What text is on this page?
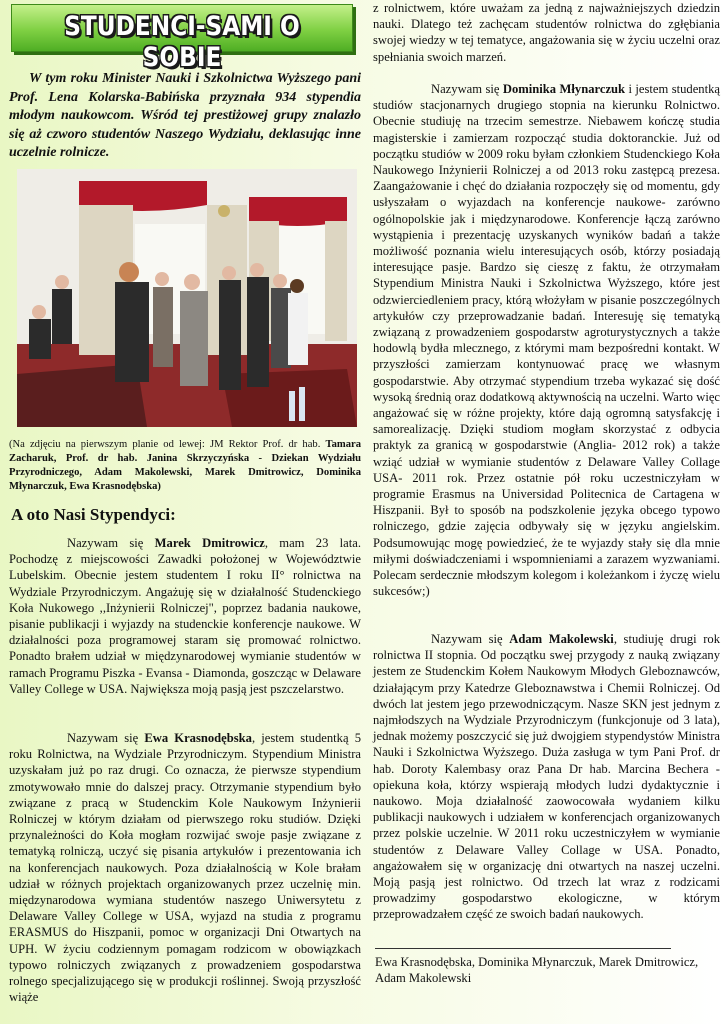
STUDENCI-SAMI O SOBIE
W tym roku Minister Nauki i Szkolnictwa Wyższego pani Prof. Lena Kolarska-Babińska przyznała 934 stypendia młodym naukowcom. Wśród tej prestiżowej grupy znalazło się aż czworo studentów Naszego Wydziału, deklasując inne uczelnie rolnicze.
(Na zdjęciu na pierwszym planie od lewej: JM Rektor Prof. dr hab. Tamara Zacharuk, Prof. dr hab. Janina Skrzyczyńska - Dziekan Wydziału Przyrodniczego, Adam Makolewski, Marek Dmitrowicz, Dominika Młynarczuk, Ewa Krasnodębska)
A oto Nasi Stypendyci:

Nazywam się Marek Dmitrowicz, mam 23 lata. Pochodzę z miejscowości Zawadki położonej w Województwie Lubelskim. Obecnie jestem studentem I roku II° rolnictwa na Wydziale Przyrodniczym. Angażuję się w działalność Studenckiego Koła Nukowego ,,Inżynierii Rolniczej", poprzez badania naukowe, pisanie publikacji i wyjazdy na studenckie konferencje naukowe. W działalności poza programowej staram się promować rolnictwo. Ponadto brałem udział w międzynarodowej wymianie studentów w ramach Programu Piszka - Evansa - Diamonda, goszcząc w Delaware Valley College w USA. Największa moją pasją jest pszczelarstwo.

Nazywam się Ewa Krasnodębska, jestem studentką 5 roku Rolnictwa, na Wydziale Przyrodniczym. Stypendium Ministra uzyskałam już po raz drugi. Co oznacza, że pierwsze stypendium zmotywowało mnie do dalszej pracy. Otrzymanie stypendium było związane z pracą w Studenckim Kole Naukowym Inżynierii Rolniczej w którym działam od pierwszego roku studiów. Dzięki przynależności do Koła mogłam rozwijać swoje pasje związane z tematyką rolniczą, uczyć się pisania artykułów i prezentowania ich na konferencjach naukowych. Poza działalnością w Kole brałam udział w różnych projektach organizowanych przez uczelnię min. międzynarodowa wymiana studentów naszego Uniwersytetu z Delaware Valley College w USA, wyjazd na studia z programu ERASMUS do Hiszpanii, pomoc w organizacji Dni Otwartych na UPH. W życiu codziennym pomagam rodzicom w obowiązkach typowo rolniczych związanych z prowadzeniem gospodarstwa rolnego specjalizującego się w produkcji roślinnej. Swoją przyszłość wiąże

z rolnictwem, które uważam za jedną z najważniejszych dziedzin nauki. Dlatego też zachęcam studentów rolnictwa do zgłębiania swojej wiedzy w tej tematyce, angażowania się w życiu uczelni oraz spełniania swoich marzeń.

Nazywam się Dominika Młynarczuk i jestem studentką studiów stacjonarnych drugiego stopnia na kierunku Rolnictwo. Obecnie studiuję na trzecim semestrze. Niebawem kończę studia magisterskie i zamierzam rozpocząć studia doktoranckie. Już od początku studiów w 2009 roku byłam członkiem Studenckiego Koła Naukowego Inżynierii Rolniczej a od 2013 roku zastępcą prezesa. Zaangażowanie i chęć do działania rozpoczęły się od momentu, gdy usłyszałam o wyjazdach na konferencje naukowe- zarówno ogólnopolskie jak i międzynarodowe. Konferencje łączą zarówno wystąpienia i prezentację uzyskanych wyników badań a także możliwość poznania wielu interesujących osób, którzy posiadają interesujące pasje. Bardzo się cieszę z faktu, że otrzymałam Stypendium Ministra Nauki i Szkolnictwa Wyższego, które jest odzwierciedleniem pracy, którą włożyłam w pisanie poszczególnych artykułów czy przeprowadzanie badań. Interesuję się tematyką związaną z prowadzeniem gospodarstw agroturystycznych a także hodowlą bydła mlecznego, z którymi mam bezpośredni kontakt. W przyszłości zamierzam kontynuować pracę we własnym gospodarstwie. Aby otrzymać stypendium trzeba wykazać się dość wysoką średnią oraz dodatkową aktywnością na uczelni. Warto więc angażować się w różne projekty, które dają ogromną satysfakcję i samorealizację. Dzięki studiom mogłam skorzystać z odbycia praktyk za granicą w gospodarstwie (Anglia- 2012 rok) a także wziąć udział w wymianie studentów z Delaware Valley Collage USA- 2011 rok. Przez ostatnie pół roku uczestniczyłam w programie Erasmus na Universidad Politecnica de Cartagena w Hiszpanii. Był to sposób na podszkolenie języka obcego typowo rolniczego, gdzie zajęcia odbywały się w języku angielskim. Podsumowując mogę powiedzieć, że te wyjazdy stały się dla mnie miłymi doświadczeniami i wspomnieniami a zarazem wyzwaniami. Polecam serdecznie młodszym kolegom i koleżankom i życzę wielu sukcesów;)

Nazywam się Adam Makolewski, studiuję drugi rok rolnictwa II stopnia. Od początku swej przygody z nauką związany jestem ze Studenckim Kołem Naukowym Młodych Gleboznawców, działającym przy Katedrze Gleboznawstwa i Chemii Rolniczej. Od dwóch lat jestem jego przewodniczącym. Nasze SKN jest jednym z najmłodszych na Wydziale Przyrodniczym (funkcjonuje od 3 lata), jednak możemy poszczycić się już dwojgiem stypendystów Ministra Nauki i Szkolnictwa Wyższego. Duża zasługa w tym Pani Prof. dr hab. Doroty Kalembasy oraz Pana Dr hab. Marcina Bechera - opiekuna koła, którzy wspierają młodych ludzi dydaktycznie i naukowo. Moja działalność zaowocowała wydaniem kilku publikacji naukowych i udziałem w konferencjach organizowanych przez polskie uczelnie. W 2011 roku uczestniczyłem w wymianie studentów z Delaware Valley Collage w USA. Ponadto, angażowałem się w organizację dni otwartych na naszej uczelni. Moją pasją jest rolnictwo. Od trzech lat wraz z rodzicami prowadzimy gospodarstwo ekologiczne, w którym przeprowadzałem część ze swoich badań naukowych.

Ewa Krasnodębska, Dominika Młynarczuk, Marek Dmitrowicz, Adam Makolewski
